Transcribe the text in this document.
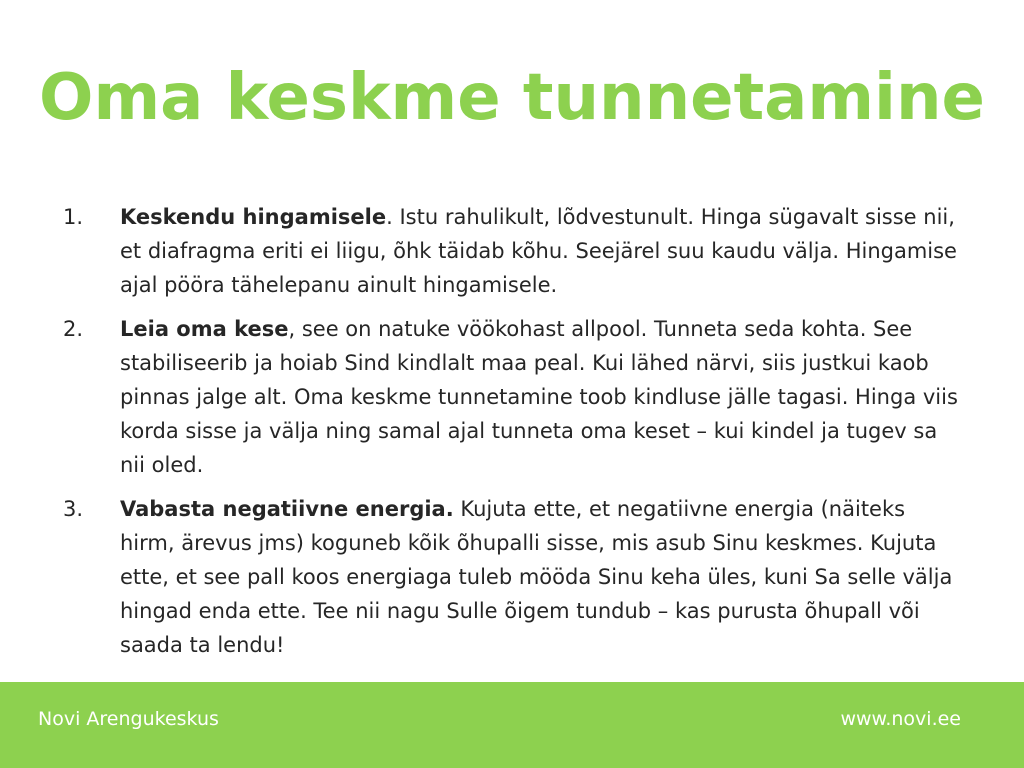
Oma keskme tunnetamine
1. Keskendu hingamisele. Istu rahulikult, lõdvestunult. Hinga sügavalt sisse nii, et diafragma eriti ei liigu, õhk täidab kõhu. Seejärel suu kaudu välja. Hingamise ajal pööra tähelepanu ainult hingamisele.
2. Leia oma kese, see on natuke vöökohast allpool. Tunneta seda kohta. See stabiliseerib ja hoiab Sind kindlalt maa peal. Kui lähed närvi, siis justkui kaob pinnas jalge alt. Oma keskme tunnetamine toob kindluse jälle tagasi. Hinga viis korda sisse ja välja ning samal ajal tunneta oma keset – kui kindel ja tugev sa nii oled.
3. Vabasta negatiivne energia. Kujuta ette, et negatiivne energia (näiteks hirm, ärevus jms) koguneb kõik õhupalli sisse, mis asub Sinu keskmes. Kujuta ette, et see pall koos energiaga tuleb mööda Sinu keha üles, kuni Sa selle välja hingad enda ette. Tee nii nagu Sulle õigem tundub – kas purusta õhupall või saada ta lendu!
Novi Arengukeskus	www.novi.ee
